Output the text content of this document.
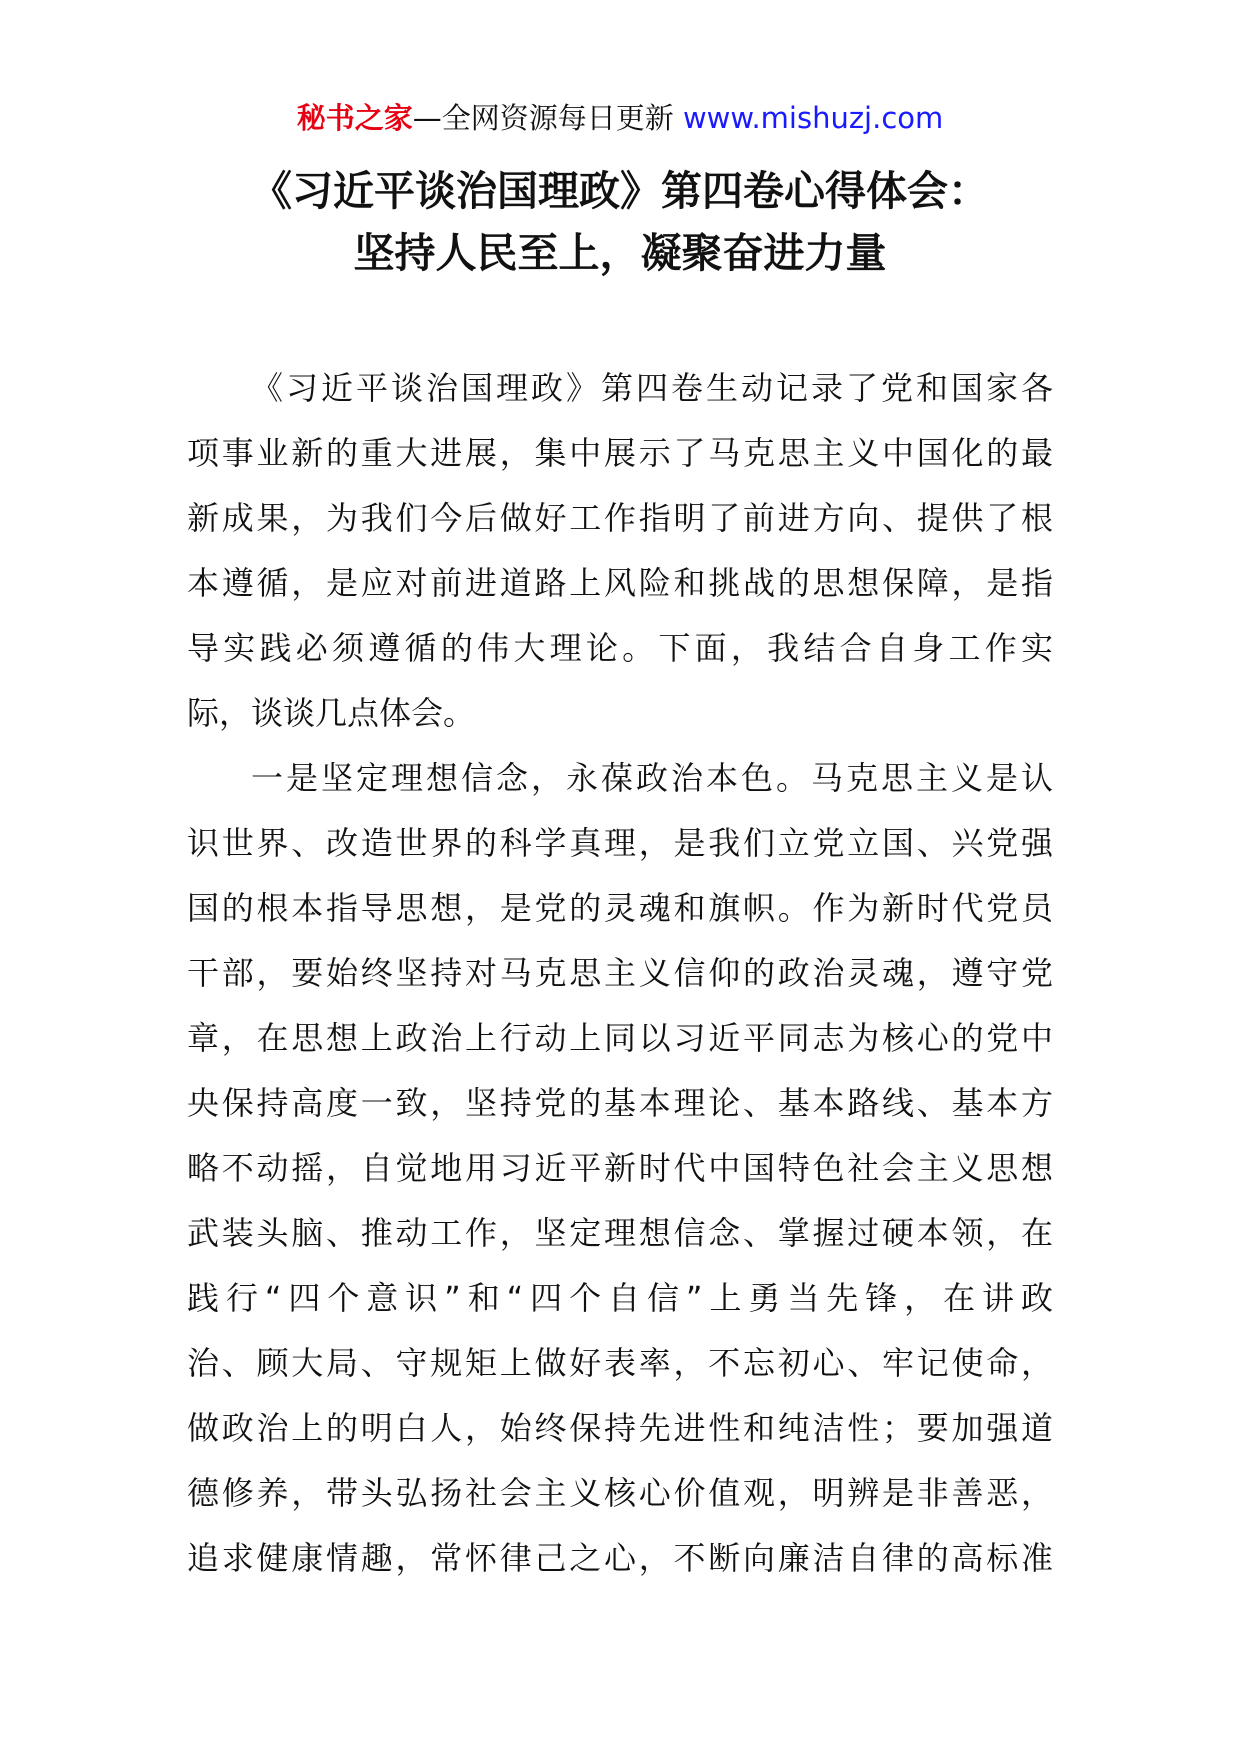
秘书之家—全网资源每日更新 www.mishuzj.com
《习近平谈治国理政》第四卷心得体会：
坚持人民至上，凝聚奋进力量
《习近平谈治国理政》第四卷生动记录了党和国家各
项事业新的重大进展，集中展示了马克思主义中国化的最
新成果，为我们今后做好工作指明了前进方向、提供了根
本遵循，是应对前进道路上风险和挑战的思想保障，是指
导实践必须遵循的伟大理论。下面，我结合自身工作实
际，谈谈几点体会。
一是坚定理想信念，永葆政治本色。马克思主义是认
识世界、改造世界的科学真理，是我们立党立国、兴党强
国的根本指导思想，是党的灵魂和旗帜。作为新时代党员
干部，要始终坚持对马克思主义信仰的政治灵魂，遵守党
章，在思想上政治上行动上同以习近平同志为核心的党中
央保持高度一致，坚持党的基本理论、基本路线、基本方
略不动摇，自觉地用习近平新时代中国特色社会主义思想
武装头脑、推动工作，坚定理想信念、掌握过硬本领，在
践行“四个意识”和“四个自信”上勇当先锋，在讲政
治、顾大局、守规矩上做好表率，不忘初心、牢记使命，
做政治上的明白人，始终保持先进性和纯洁性；要加强道
德修养，带头弘扬社会主义核心价值观，明辨是非善恶，
追求健康情趣，常怀律己之心，不断向廉洁自律的高标准
